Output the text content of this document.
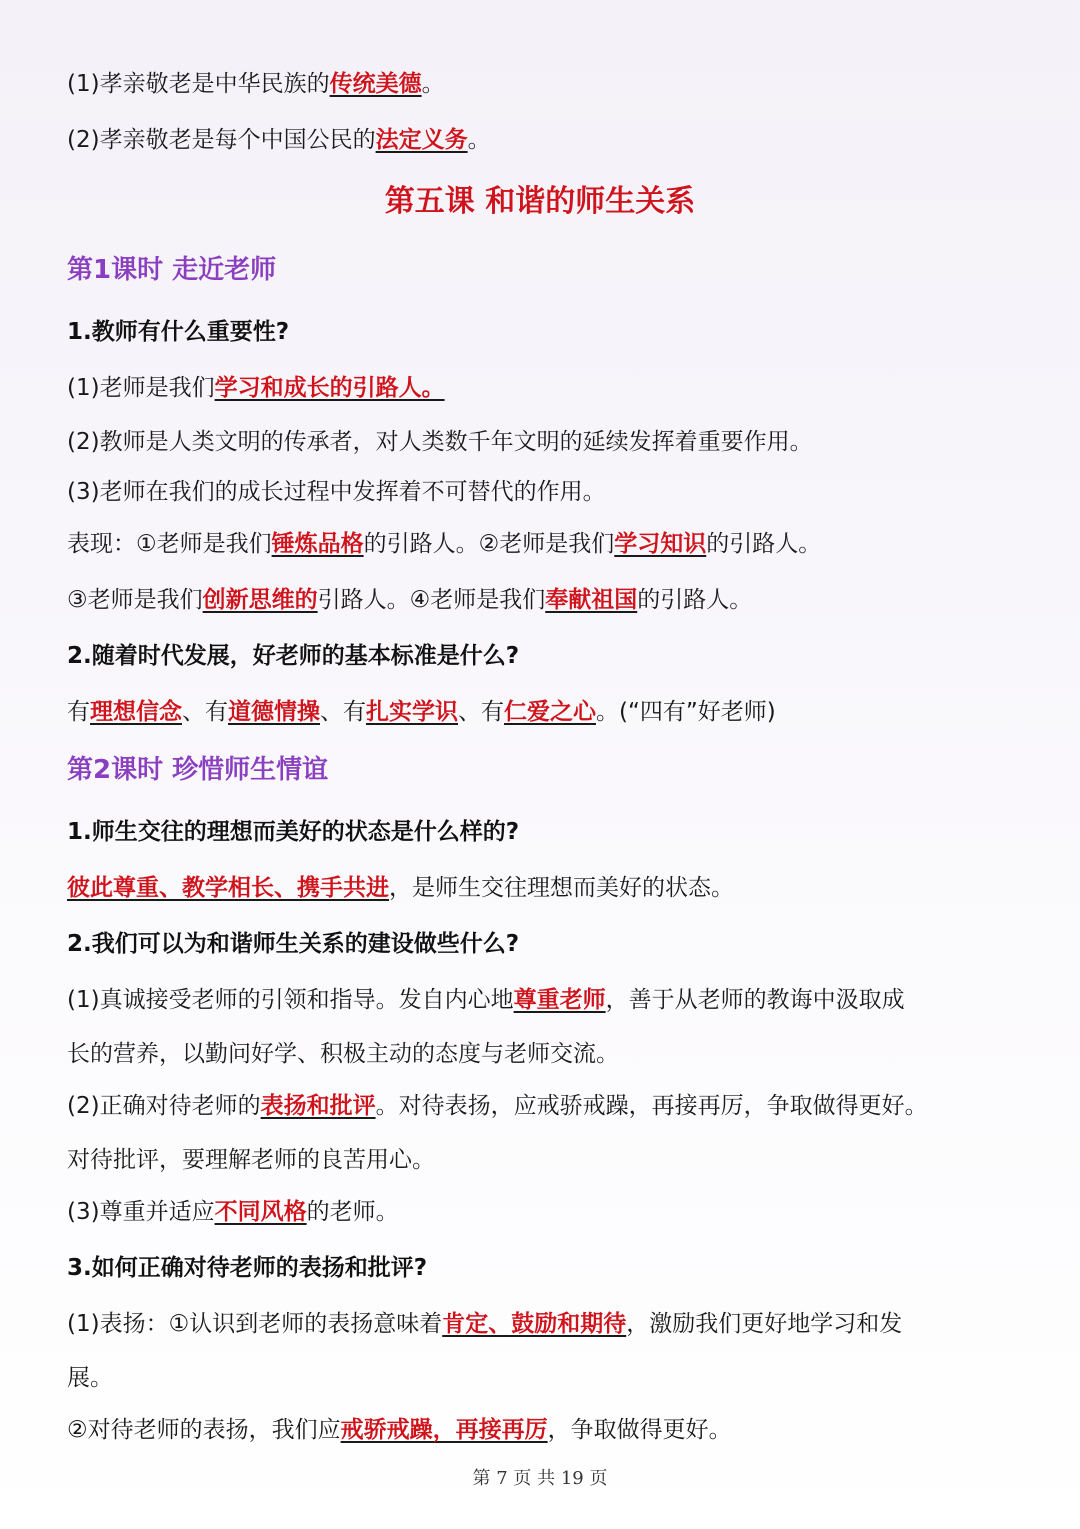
(1)孝亲敬老是中华民族的传统美德。
(2)孝亲敬老是每个中国公民的法定义务。
第五课 和谐的师生关系
第1课时 走近老师
1.教师有什么重要性?
(1)老师是我们学习和成长的引路人。
(2)教师是人类文明的传承者，对人类数千年文明的延续发挥着重要作用。
(3)老师在我们的成长过程中发挥着不可替代的作用。
表现：①老师是我们锤炼品格的引路人。②老师是我们学习知识的引路人。
③老师是我们创新思维的引路人。④老师是我们奉献祖国的引路人。
2.随着时代发展，好老师的基本标准是什么?
有理想信念、有道德情操、有扎实学识、有仁爱之心。(“四有”好老师)
第2课时 珍惜师生情谊
1.师生交往的理想而美好的状态是什么样的?
彼此尊重、教学相长、携手共进，是师生交往理想而美好的状态。
2.我们可以为和谐师生关系的建设做些什么?
(1)真诚接受老师的引领和指导。发自内心地尊重老师，善于从老师的教诲中汲取成
长的营养，以勤问好学、积极主动的态度与老师交流。
(2)正确对待老师的表扬和批评。对待表扬，应戒骄戒躁，再接再厉，争取做得更好。
对待批评，要理解老师的良苦用心。
(3)尊重并适应不同风格的老师。
3.如何正确对待老师的表扬和批评?
(1)表扬：①认识到老师的表扬意味着肯定、鼓励和期待，激励我们更好地学习和发
展。
②对待老师的表扬，我们应戒骄戒躁，再接再厉，争取做得更好。
第 7 页 共 19 页
